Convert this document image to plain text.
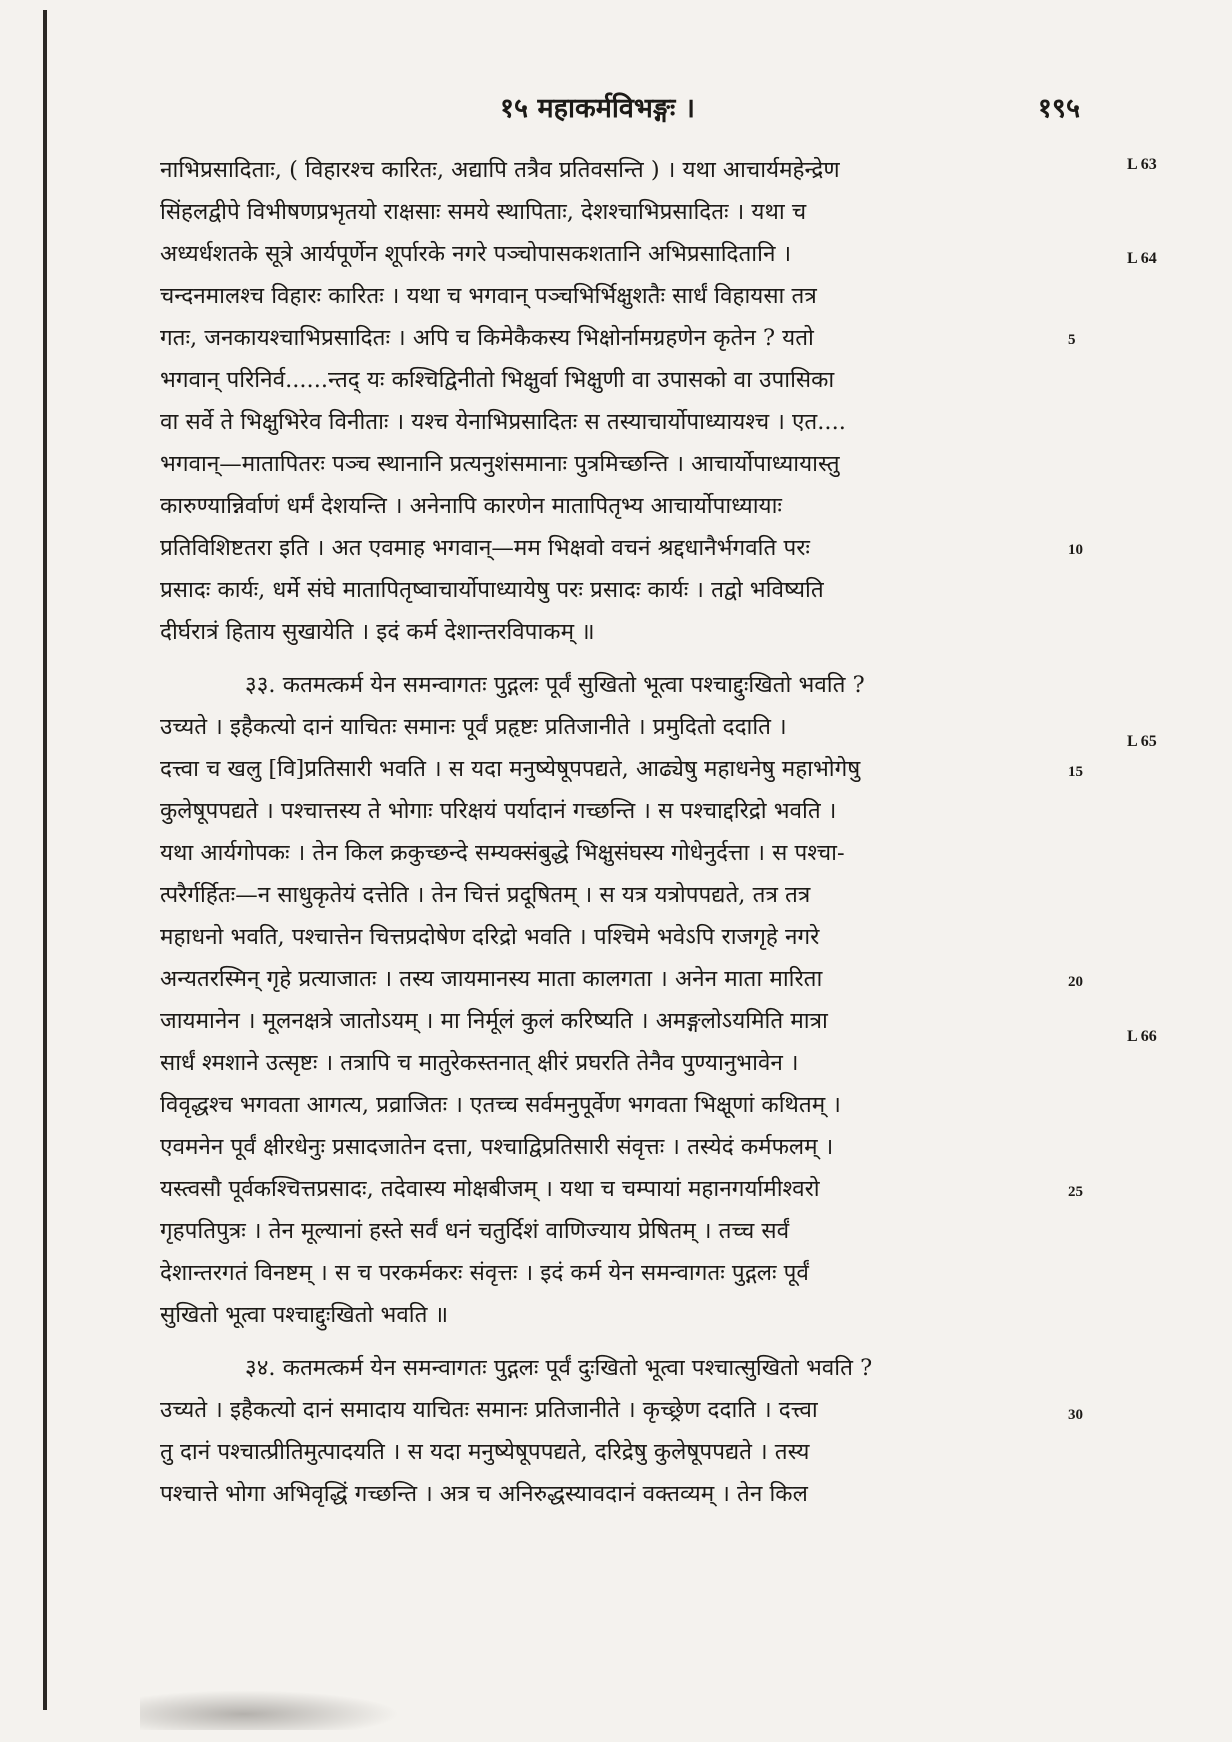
१५ महाकर्मविभङ्गः ।	१९५
नाभिप्रसादिताः, ( विहारश्च कारितः, अद्यापि तत्रैव प्रतिवसन्ति ) । यथा आचार्यमहेन्द्रेण
सिंहलद्वीपे विभीषणप्रभृतयो राक्षसाः समये स्थापिताः, देशश्चाभिप्रसादितः । यथा च
अध्यर्धशतके सूत्रे आर्यपूर्णेन शूर्पारके नगरे पञ्चोपासकशतानि अभिप्रसादितानि ।
चन्दनमालश्च विहारः कारितः । यथा च भगवान् पञ्चभिर्भिक्षुशतैः सार्धं विहायसा तत्र
गतः, जनकायश्चाभिप्रसादितः । अपि च किमेकैकस्य भिक्षोर्नामग्रहणेन कृतेन ? यतो
भगवान् परिनिर्व......न्तद् यः कश्चिद्विनीतो भिक्षुर्वा भिक्षुणी वा उपासको वा उपासिका
वा सर्वे ते भिक्षुभिरेव विनीताः । यश्च येनाभिप्रसादितः स तस्याचार्योपाध्यायश्च । एत....
भगवान्—मातापितरः पञ्च स्थानानि प्रत्यनुशंसमानाः पुत्रमिच्छन्ति । आचार्योपाध्यायास्तु
कारुण्यान्निर्वाणं धर्मं देशयन्ति । अनेनापि कारणेन मातापितृभ्य आचार्योपाध्यायाः
प्रतिविशिष्टतरा इति । अत एवमाह भगवान्—मम भिक्षवो वचनं श्रद्दधानैर्भगवति परः
प्रसादः कार्यः, धर्मे संघे मातापितृष्वाचार्योपाध्यायेषु परः प्रसादः कार्यः । तद्वो भविष्यति
दीर्घरात्रं हिताय सुखायेति । इदं कर्म देशान्तरविपाकम् ॥
३३. कतमत्कर्म येन समन्वागतः पुद्गलः पूर्वं सुखितो भूत्वा पश्चाद्दुःखितो भवति ?
उच्यते । इहैकत्यो दानं याचितः समानः पूर्वं प्रहृष्टः प्रतिजानीते । प्रमुदितो ददाति ।
दत्त्वा च खलु [वि]प्रतिसारी भवति । स यदा मनुष्येषूपपद्यते, आढ्येषु महाधनेषु महाभोगेषु
कुलेषूपपद्यते । पश्चात्तस्य ते भोगाः परिक्षयं पर्यादानं गच्छन्ति । स पश्चाद्दरिद्रो भवति ।
यथा आर्यगोपकः । तेन किल क्रकुच्छन्दे सम्यक्संबुद्धे भिक्षुसंघस्य गोधेनुर्दत्ता । स पश्चा-
त्परैर्गर्हितः—न साधुकृतेयं दत्तेति । तेन चित्तं प्रदूषितम् । स यत्र यत्रोपपद्यते, तत्र तत्र
महाधनो भवति, पश्चात्तेन चित्तप्रदोषेण दरिद्रो भवति । पश्चिमे भवेऽपि राजगृहे नगरे
अन्यतरस्मिन् गृहे प्रत्याजातः । तस्य जायमानस्य माता कालगता । अनेन माता मारिता
जायमानेन । मूलनक्षत्रे जातोऽयम् । मा निर्मूलं कुलं करिष्यति । अमङ्गलोऽयमिति मात्रा
सार्धं श्मशाने उत्सृष्टः । तत्रापि च मातुरेकस्तनात् क्षीरं प्रघरति तेनैव पुण्यानुभावेन ।
विवृद्धश्च भगवता आगत्य, प्रव्राजितः । एतच्च सर्वमनुपूर्वेण भगवता भिक्षूणां कथितम् ।
एवमनेन पूर्वं क्षीरधेनुः प्रसादजातेन दत्ता, पश्चाद्विप्रतिसारी संवृत्तः । तस्येदं कर्मफलम् ।
यस्त्वसौ पूर्वकश्चित्तप्रसादः, तदेवास्य मोक्षबीजम् । यथा च चम्पायां महानगर्यामीश्वरो
गृहपतिपुत्रः । तेन मूल्यानां हस्ते सर्वं धनं चतुर्दिशं वाणिज्याय प्रेषितम् । तच्च सर्वं
देशान्तरगतं विनष्टम् । स च परकर्मकरः संवृत्तः । इदं कर्म येन समन्वागतः पुद्गलः पूर्वं
सुखितो भूत्वा पश्चाद्दुःखितो भवति ॥
३४. कतमत्कर्म येन समन्वागतः पुद्गलः पूर्वं दुःखितो भूत्वा पश्चात्सुखितो भवति ?
उच्यते । इहैकत्यो दानं समादाय याचितः समानः प्रतिजानीते । कृच्छ्रेण ददाति । दत्त्वा
तु दानं पश्चात्प्रीतिमुत्पादयति । स यदा मनुष्येषूपपद्यते, दरिद्रेषु कुलेषूपपद्यते । तस्य
पश्चात्ते भोगा अभिवृद्धिं गच्छन्ति । अत्र च अनिरुद्धस्यावदानं वक्तव्यम् । तेन किल
5
10
15
20
25
30
L 63
L 64
L 65
L 66
